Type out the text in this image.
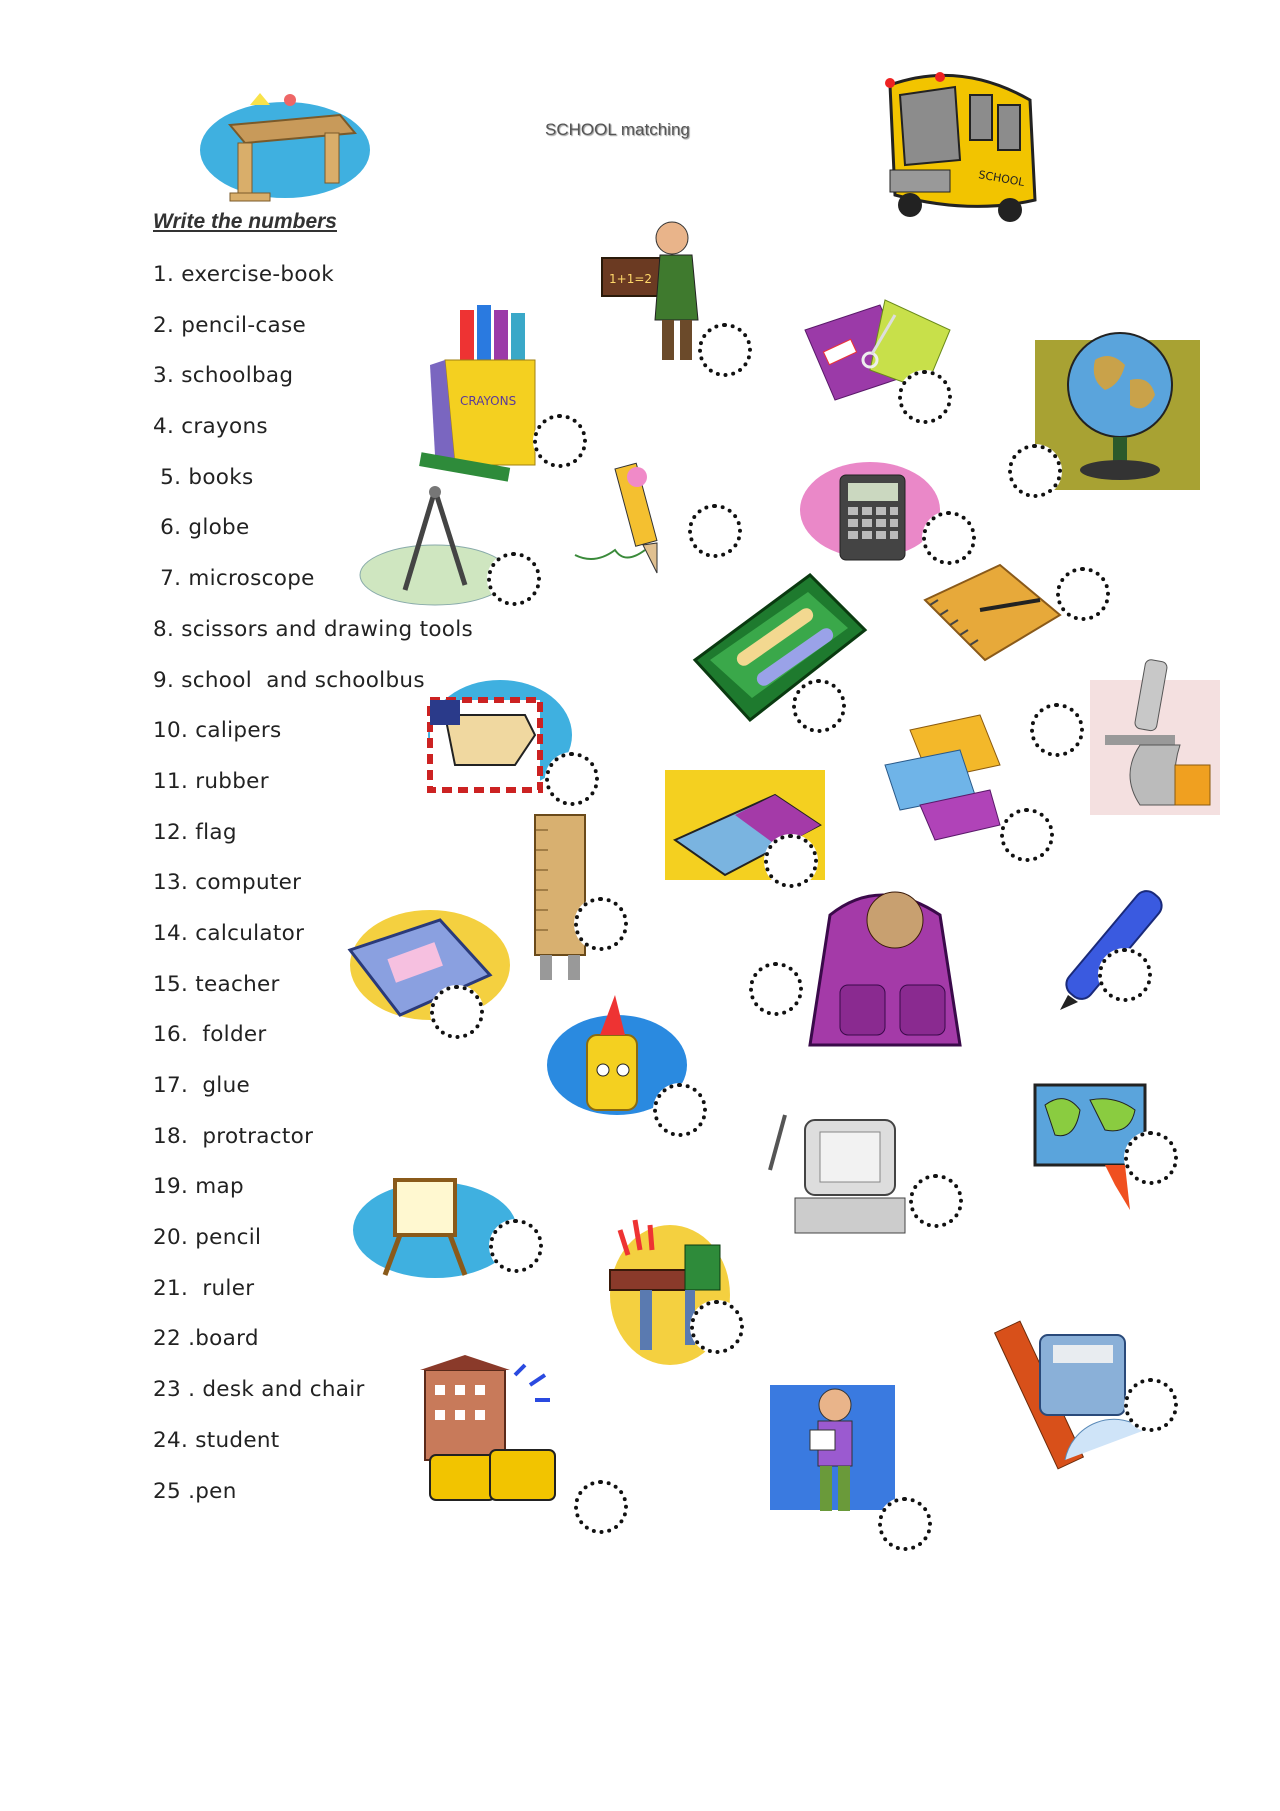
SCHOOL matching
Write the numbers
1. exercise-book
2. pencil-case
3. schoolbag
4. crayons
5. books
6. globe
7. microscope
8. scissors and drawing tools
9. school  and schoolbus
10. calipers
11. rubber
12. flag
13. computer
14. calculator
15. teacher
16.  folder
17.  glue
18.  protractor
19. map
20. pencil
21.  ruler
22 .board
23 . desk and chair
24. student
25 .pen
SCHOOL
1+1=2
CRAYONS
